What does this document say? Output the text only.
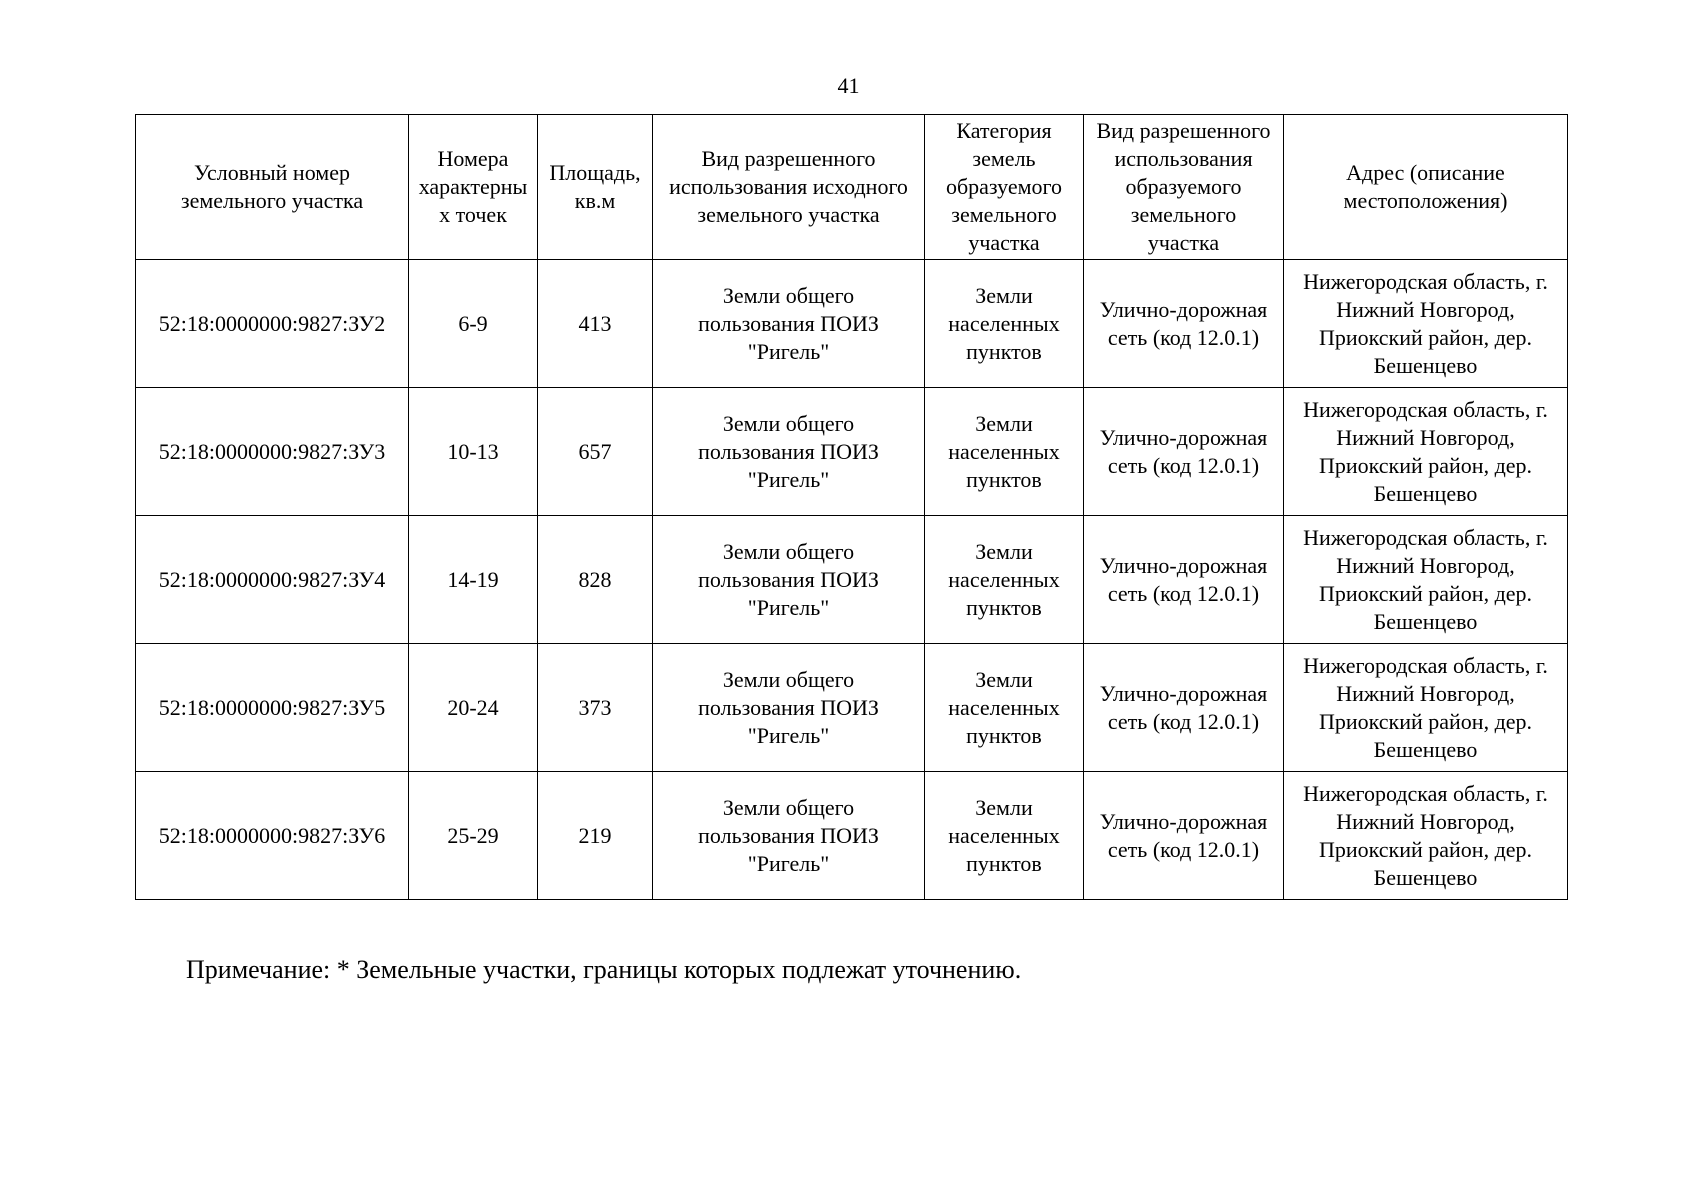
41
Условный номер
земельного участка	Номера
характерны
х точек	Площадь,
кв.м	Вид разрешенного
использования исходного
земельного участка	Категория
земель
образуемого
земельного
участка	Вид разрешенного
использования
образуемого
земельного
участка	Адрес (описание
местоположения)
52:18:0000000:9827:ЗУ2	6-9	413	Земли общего
пользования ПОИЗ
"Ригель"	Земли
населенных
пунктов	Улично-дорожная
сеть (код 12.0.1)	Нижегородская область, г.
Нижний Новгород,
Приокский район, дер.
Бешенцево
52:18:0000000:9827:ЗУ3	10-13	657	Земли общего
пользования ПОИЗ
"Ригель"	Земли
населенных
пунктов	Улично-дорожная
сеть (код 12.0.1)	Нижегородская область, г.
Нижний Новгород,
Приокский район, дер.
Бешенцево
52:18:0000000:9827:ЗУ4	14-19	828	Земли общего
пользования ПОИЗ
"Ригель"	Земли
населенных
пунктов	Улично-дорожная
сеть (код 12.0.1)	Нижегородская область, г.
Нижний Новгород,
Приокский район, дер.
Бешенцево
52:18:0000000:9827:ЗУ5	20-24	373	Земли общего
пользования ПОИЗ
"Ригель"	Земли
населенных
пунктов	Улично-дорожная
сеть (код 12.0.1)	Нижегородская область, г.
Нижний Новгород,
Приокский район, дер.
Бешенцево
52:18:0000000:9827:ЗУ6	25-29	219	Земли общего
пользования ПОИЗ
"Ригель"	Земли
населенных
пунктов	Улично-дорожная
сеть (код 12.0.1)	Нижегородская область, г.
Нижний Новгород,
Приокский район, дер.
Бешенцево
Примечание: * Земельные участки, границы которых подлежат уточнению.
